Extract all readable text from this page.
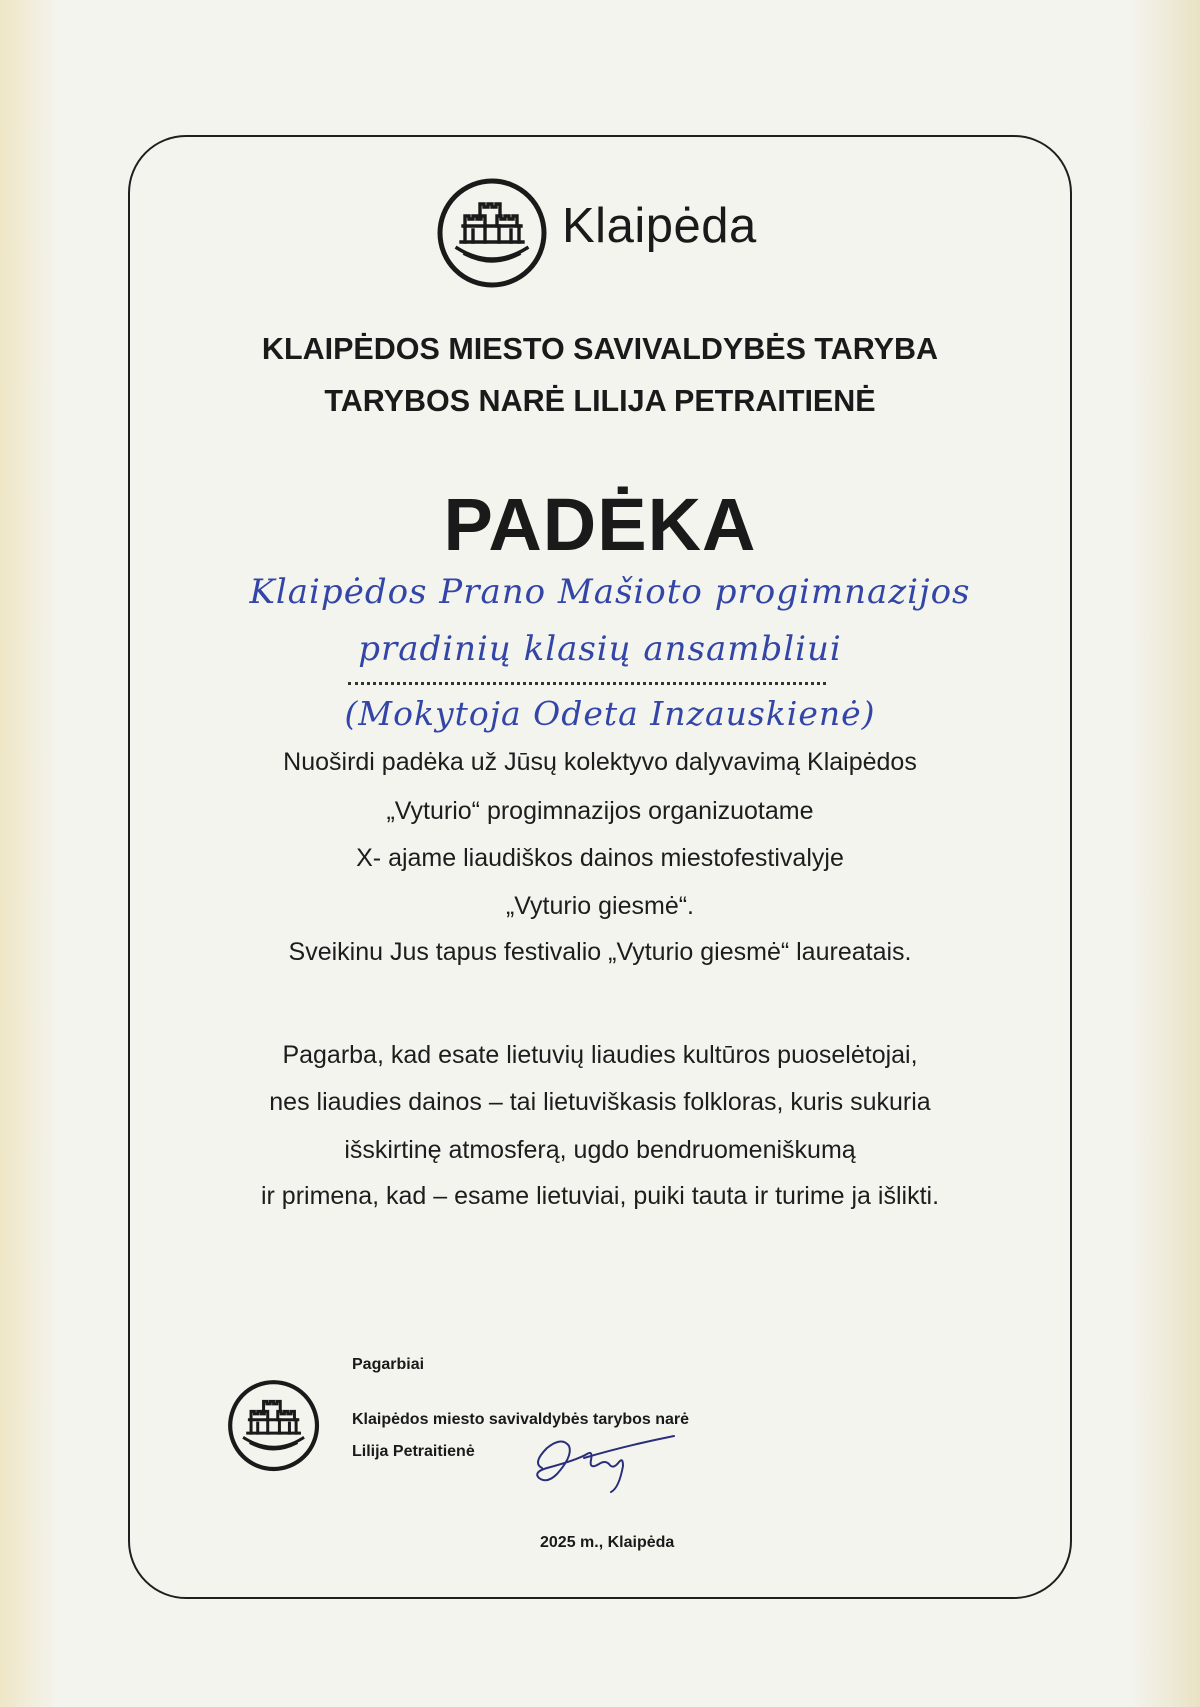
Klaipėda
KLAIPĖDOS MIESTO SAVIVALDYBĖS TARYBA
TARYBOS NARĖ LILIJA PETRAITIENĖ
PADĖKA
Klaipėdos Prano Mašioto progimnazijos
pradinių klasių ansambliui
(Mokytoja Odeta Inzauskienė)
Nuoširdi padėka už Jūsų kolektyvo dalyvavimą Klaipėdos
„Vyturio“ progimnazijos organizuotame
X- ajame liaudiškos dainos miestofestivalyje
„Vyturio giesmė“.
Sveikinu Jus tapus festivalio „Vyturio giesmė“ laureatais.
Pagarba, kad esate lietuvių liaudies kultūros puoselėtojai,
nes liaudies dainos – tai lietuviškasis folkloras, kuris sukuria
išskirtinę atmosferą, ugdo bendruomeniškumą
ir primena, kad – esame lietuviai, puiki tauta ir turime ja išlikti.
Pagarbiai
Klaipėdos miesto savivaldybės tarybos narė
Lilija Petraitienė
2025 m., Klaipėda
